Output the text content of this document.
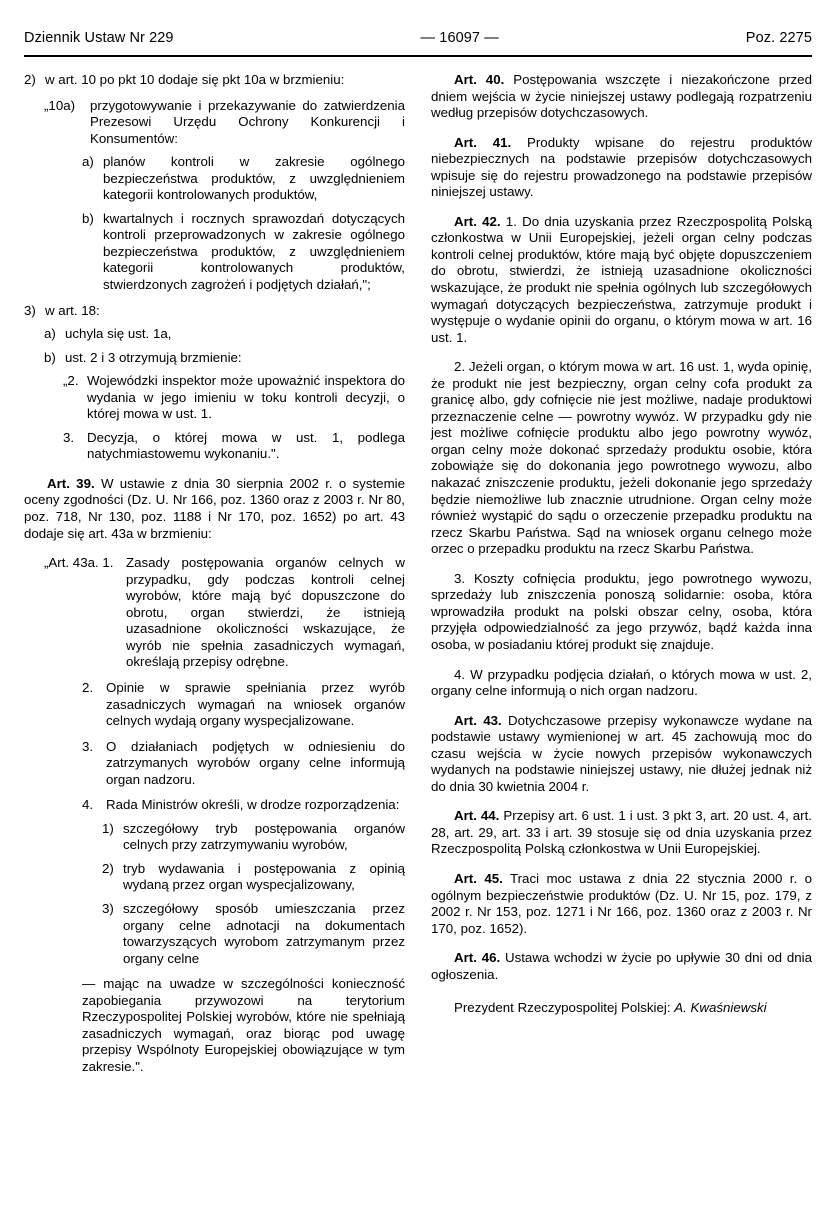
Dziennik Ustaw Nr 229	— 16097 —	Poz. 2275
2) w art. 10 po pkt 10 dodaje się pkt 10a w brzmieniu:

„10a)	przygotowywanie i przekazywanie do zatwierdzenia Prezesowi Urzędu Ochrony Konkurencji i Konsumentów:

a) planów kontroli w zakresie ogólnego bezpieczeństwa produktów, z uwzględnieniem kategorii kontrolowanych produktów,

b) kwartalnych i rocznych sprawozdań dotyczących kontroli przeprowadzonych w zakresie ogólnego bezpieczeństwa produktów, z uwzględnieniem kategorii kontrolowanych produktów, stwierdzonych zagrożeń i podjętych działań,";

3) w art. 18:

a) uchyla się ust. 1a,

b) ust. 2 i 3 otrzymują brzmienie:

„2. Wojewódzki inspektor może upoważnić inspektora do wydania w jego imieniu w toku kontroli decyzji, o której mowa w ust. 1.

3. Decyzja, o której mowa w ust. 1, podlega natychmiastowemu wykonaniu.".

Art. 39. W ustawie z dnia 30 sierpnia 2002 r. o systemie oceny zgodności (Dz. U. Nr 166, poz. 1360 oraz z 2003 r. Nr 80, poz. 718, Nr 130, poz. 1188 i Nr 170, poz. 1652) po art. 43 dodaje się art. 43a w brzmieniu:

„Art. 43a. 1. Zasady postępowania organów celnych w przypadku, gdy podczas kontroli celnej wyrobów, które mają być dopuszczone do obrotu, organ stwierdzi, że istnieją uzasadnione okoliczności wskazujące, że wyrób nie spełnia zasadniczych wymagań, określają przepisy odrębne.

2. Opinie w sprawie spełniania przez wyrób zasadniczych wymagań na wniosek organów celnych wydają organy wyspecjalizowane.

3. O działaniach podjętych w odniesieniu do zatrzymanych wyrobów organy celne informują organ nadzoru.

4. Rada Ministrów określi, w drodze rozporządzenia:

1) szczegółowy tryb postępowania organów celnych przy zatrzymywaniu wyrobów,

2) tryb wydawania i postępowania z opinią wydaną przez organ wyspecjalizowany,

3) szczegółowy sposób umieszczania przez organy celne adnotacji na dokumentach towarzyszących wyrobom zatrzymanym przez organy celne

— mając na uwadze w szczególności konieczność zapobiegania przywozowi na terytorium Rzeczypospolitej Polskiej wyrobów, które nie spełniają zasadniczych wymagań, oraz biorąc pod uwagę przepisy Wspólnoty Europejskiej obowiązujące w tym zakresie.".

Art. 40. Postępowania wszczęte i niezakończone przed dniem wejścia w życie niniejszej ustawy podlegają rozpatrzeniu według przepisów dotychczasowych.

Art. 41. Produkty wpisane do rejestru produktów niebezpiecznych na podstawie przepisów dotychczasowych wpisuje się do rejestru prowadzonego na podstawie przepisów niniejszej ustawy.

Art. 42. 1. Do dnia uzyskania przez Rzeczpospolitą Polską członkostwa w Unii Europejskiej, jeżeli organ celny podczas kontroli celnej produktów, które mają być objęte dopuszczeniem do obrotu, stwierdzi, że istnieją uzasadnione okoliczności wskazujące, że produkt nie spełnia ogólnych lub szczegółowych wymagań dotyczących bezpieczeństwa, zatrzymuje produkt i występuje o wydanie opinii do organu, o którym mowa w art. 16 ust. 1.

2. Jeżeli organ, o którym mowa w art. 16 ust. 1, wyda opinię, że produkt nie jest bezpieczny, organ celny cofa produkt za granicę albo, gdy cofnięcie nie jest możliwe, nadaje produktowi przeznaczenie celne — powrotny wywóz. W przypadku gdy nie jest możliwe cofnięcie produktu albo jego powrotny wywóz, organ celny może dokonać sprzedaży produktu osobie, która zobowiąże się do dokonania jego powrotnego wywozu, albo nakazać zniszczenie produktu, jeżeli dokonanie jego sprzedaży będzie niemożliwe lub znacznie utrudnione. Organ celny może również wystąpić do sądu o orzeczenie przepadku produktu na rzecz Skarbu Państwa. Sąd na wniosek organu celnego może orzec o przepadku produktu na rzecz Skarbu Państwa.

3. Koszty cofnięcia produktu, jego powrotnego wywozu, sprzedaży lub zniszczenia ponoszą solidarnie: osoba, która wprowadziła produkt na polski obszar celny, osoba, która przyjęła odpowiedzialność za jego przywóz, bądź każda inna osoba, w posiadaniu której produkt się znajduje.

4. W przypadku podjęcia działań, o których mowa w ust. 2, organy celne informują o nich organ nadzoru.

Art. 43. Dotychczasowe przepisy wykonawcze wydane na podstawie ustawy wymienionej w art. 45 zachowują moc do czasu wejścia w życie nowych przepisów wykonawczych wydanych na podstawie niniejszej ustawy, nie dłużej jednak niż do dnia 30 kwietnia 2004 r.

Art. 44. Przepisy art. 6 ust. 1 i ust. 3 pkt 3, art. 20 ust. 4, art. 28, art. 29, art. 33 i art. 39 stosuje się od dnia uzyskania przez Rzeczpospolitą Polską członkostwa w Unii Europejskiej.

Art. 45. Traci moc ustawa z dnia 22 stycznia 2000 r. o ogólnym bezpieczeństwie produktów (Dz. U. Nr 15, poz. 179, z 2002 r. Nr 153, poz. 1271 i Nr 166, poz. 1360 oraz z 2003 r. Nr 170, poz. 1652).

Art. 46. Ustawa wchodzi w życie po upływie 30 dni od dnia ogłoszenia.

Prezydent Rzeczypospolitej Polskiej: A. Kwaśniewski
